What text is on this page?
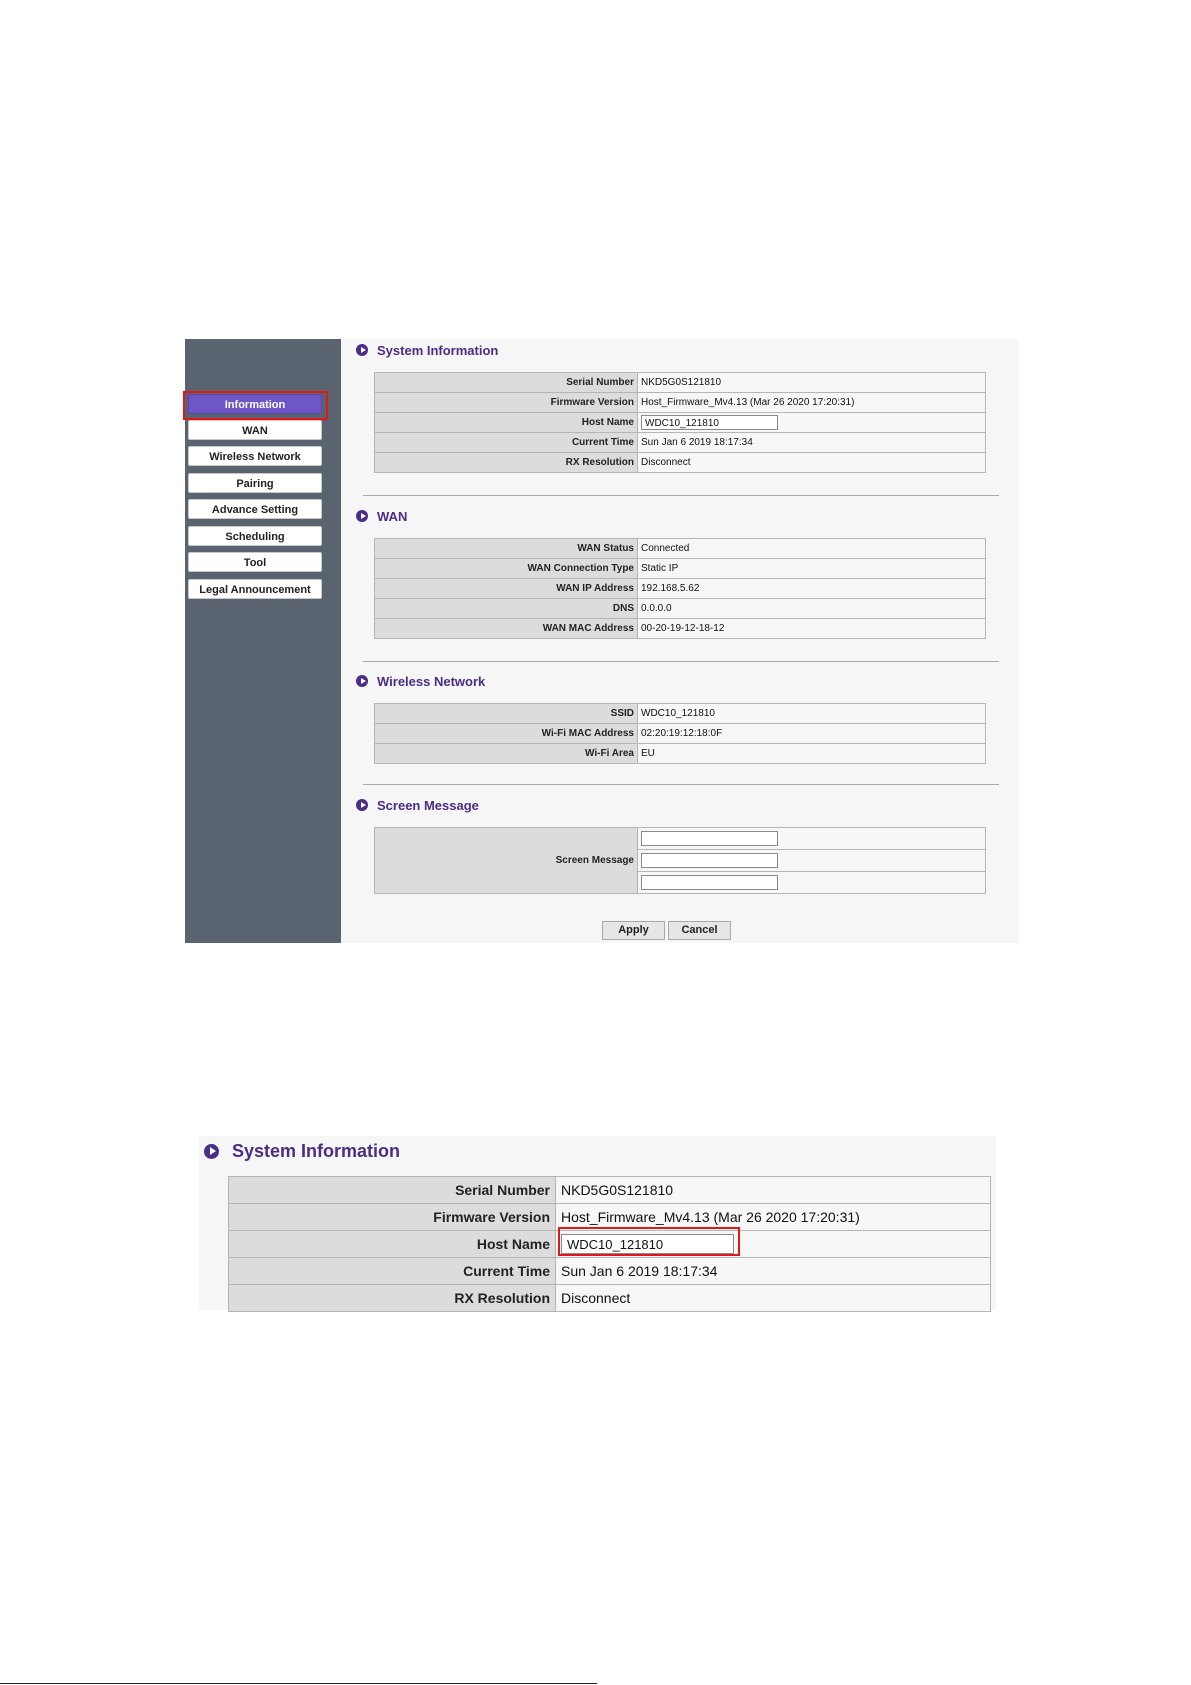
Information
WAN
Wireless Network
Pairing
Advance Setting
Scheduling
Tool
Legal Announcement
System Information
Serial Number	NKD5G0S121810
Firmware Version	Host_Firmware_Mv4.13 (Mar 26 2020 17:20:31)
Host Name	WDC10_121810
Current Time	Sun Jan 6 2019 18:17:34
RX Resolution	Disconnect
WAN
WAN Status	Connected
WAN Connection Type	Static IP
WAN IP Address	192.168.5.62
DNS	0.0.0.0
WAN MAC Address	00-20-19-12-18-12
Wireless Network
SSID	WDC10_121810
Wi-Fi MAC Address	02:20:19:12:18:0F
Wi-Fi Area	EU
Screen Message
Screen Message	

Apply	Cancel
System Information
Serial Number	NKD5G0S121810
Firmware Version	Host_Firmware_Mv4.13 (Mar 26 2020 17:20:31)
Host Name	WDC10_121810
Current Time	Sun Jan 6 2019 18:17:34
RX Resolution	Disconnect
